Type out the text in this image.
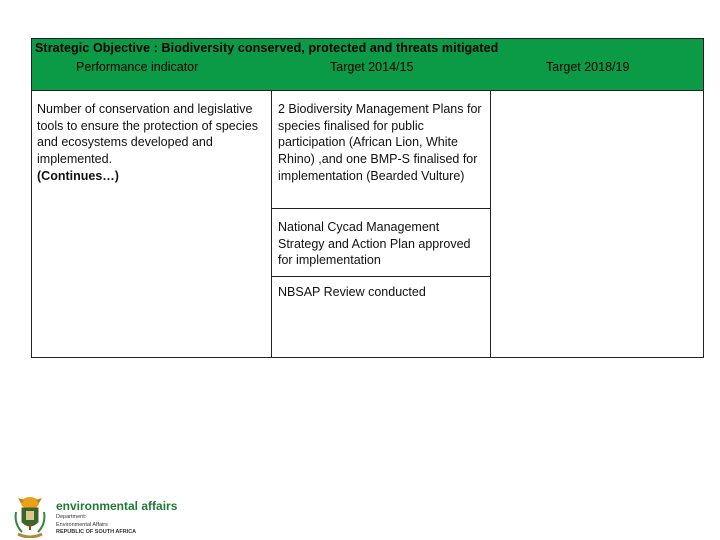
Strategic Objective : Biodiversity conserved, protected and threats mitigated
Performance indicator	Target 2014/15	Target 2018/19
Number of conservation and legislative tools to ensure the protection of species and ecosystems developed and implemented.
(Continues…)
2 Biodiversity Management Plans for species finalised for public participation (African Lion, White Rhino) ,and one BMP-S finalised for implementation (Bearded Vulture)
National Cycad Management Strategy and Action Plan approved for implementation
NBSAP Review conducted
environmental affairs
Department:
Environmental Affairs
REPUBLIC OF SOUTH AFRICA
